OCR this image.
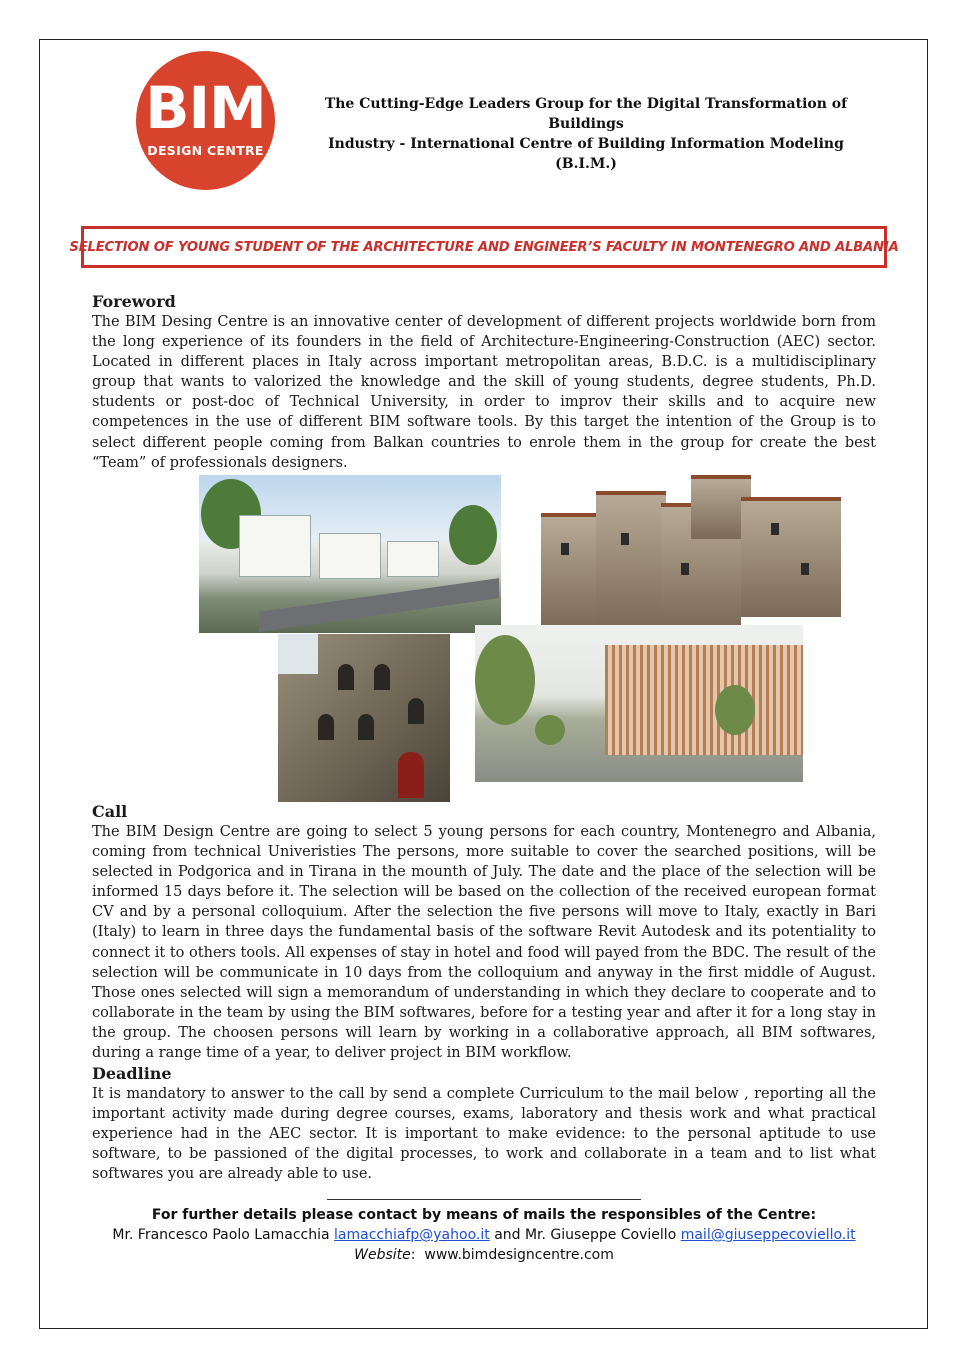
BIM
DESIGN CENTRE
The Cutting-Edge Leaders Group for the Digital Transformation of Buildings
Industry - International Centre of Building Information Modeling (B.I.M.)
SELECTION OF YOUNG STUDENT OF THE ARCHITECTURE AND ENGINEER’S FACULTY IN MONTENEGRO AND ALBANIA
Foreword

The BIM Desing Centre is an innovative center of development of different projects worldwide born from the long experience of its founders in the field of Architecture-Engineering-Construction (AEC) sector. Located in different places in Italy across important metropolitan areas, B.D.C. is a multidisciplinary group that wants to valorized the knowledge and the skill of young students, degree students, Ph.D. students or post-doc of Technical University, in order to improv their skills and to acquire new competences in the use of different BIM software tools. By this target the intention of the Group is to select different people coming from Balkan countries to enrole them in the group for create the best “Team” of professionals designers.

Call

The BIM Design Centre are going to select 5 young persons for each country, Montenegro and Albania, coming from technical Univeristies The persons, more suitable to cover the searched positions, will be selected in Podgorica and in Tirana in the mounth of July. The date and the place of the selection will be informed 15 days before it. The selection will be based on the collection of the received european format CV and by a personal colloquium. After the selection the five persons will move to Italy, exactly in Bari (Italy) to learn in three days the fundamental basis of the software Revit Autodesk and its potentiality to connect it to others tools. All expenses of stay in hotel and food will payed from the BDC. The result of the selection will be communicate in 10 days from the colloquium and anyway in the first middle of August. Those ones selected will sign a memorandum of understanding in which they declare to cooperate and to collaborate in the team by using the BIM softwares, before for a testing year and after it for a long stay in the group. The choosen persons will learn by working in a collaborative approach, all BIM softwares, during a range time of a year, to deliver project in BIM workflow.

Deadline

It is mandatory to answer to the call by send a complete Curriculum to the mail below , reporting all the important activity made during degree courses, exams, laboratory and thesis work and what practical experience had in the AEC sector. It is important to make evidence: to the personal aptitude to use software, to be passioned of the digital processes, to work and collaborate in a team and to list what softwares you are already able to use.

For further details please contact by means of mails the responsibles of the Centre:
Mr. Francesco Paolo Lamacchia lamacchiafp@yahoo.it and Mr. Giuseppe Coviello mail@giuseppecoviello.it
Website:  www.bimdesigncentre.com
